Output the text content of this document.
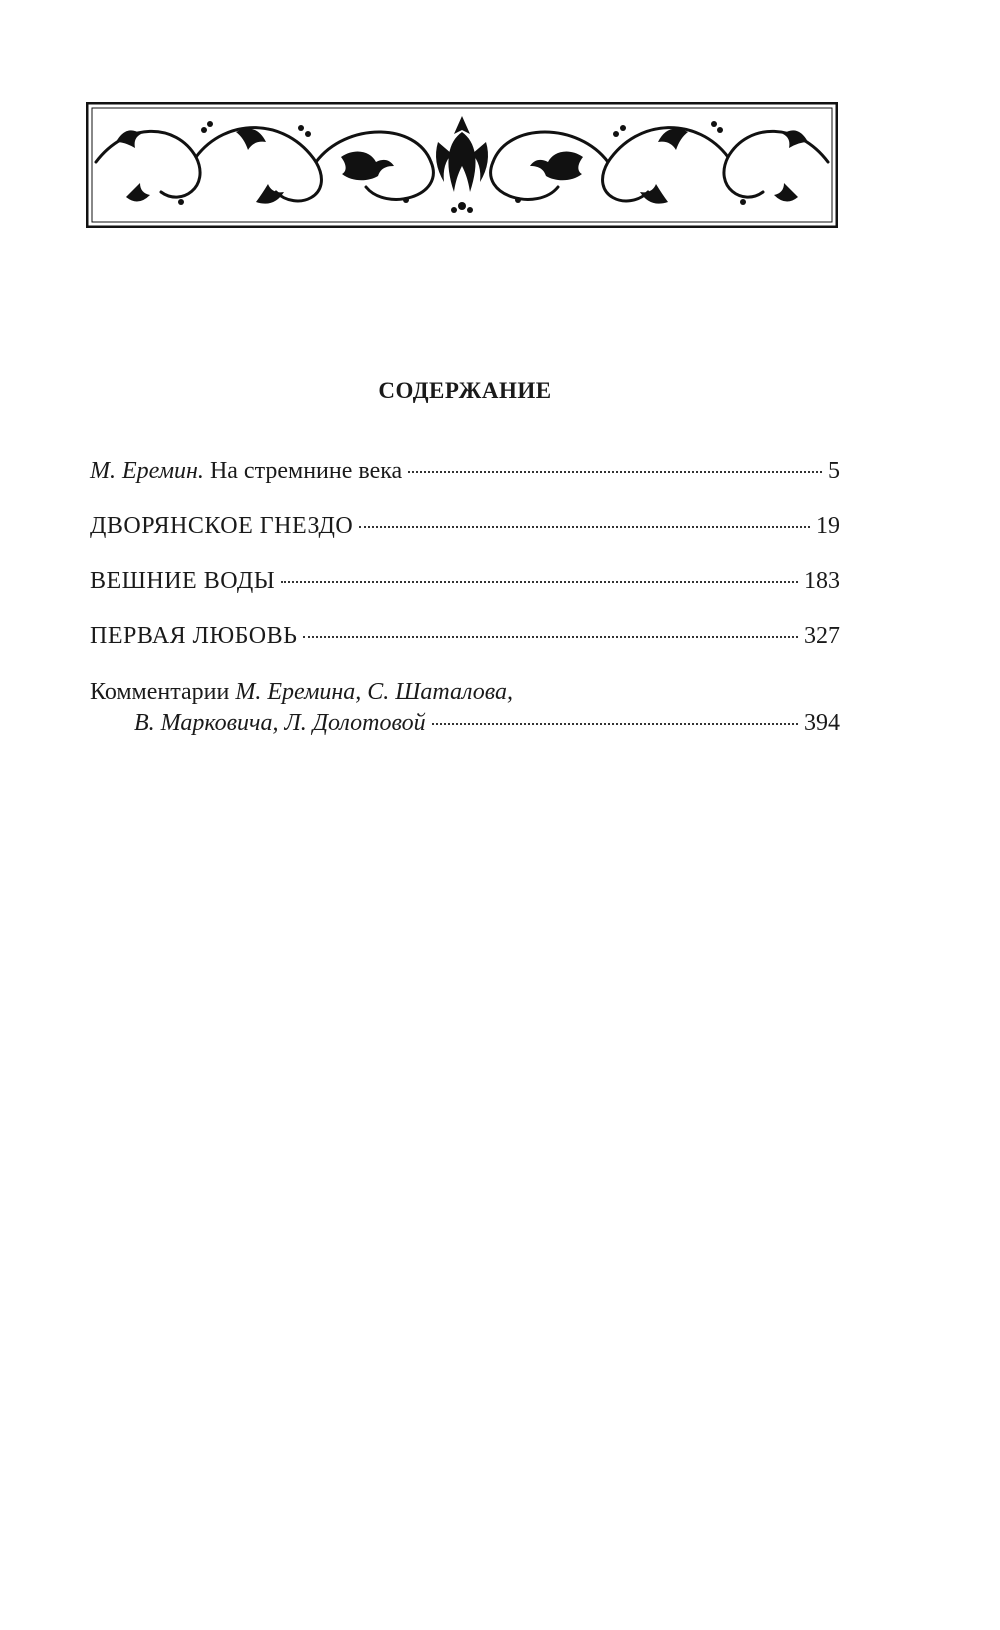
СОДЕРЖАНИЕ
М. Еремин. На стремнине века	5
ДВОРЯНСКОЕ ГНЕЗДО	19
ВЕШНИЕ ВОДЫ	183
ПЕРВАЯ ЛЮБОВЬ	327
Комментарии М. Еремина, С. Шаталова,
В. Марковича, Л. Долотовой	394
